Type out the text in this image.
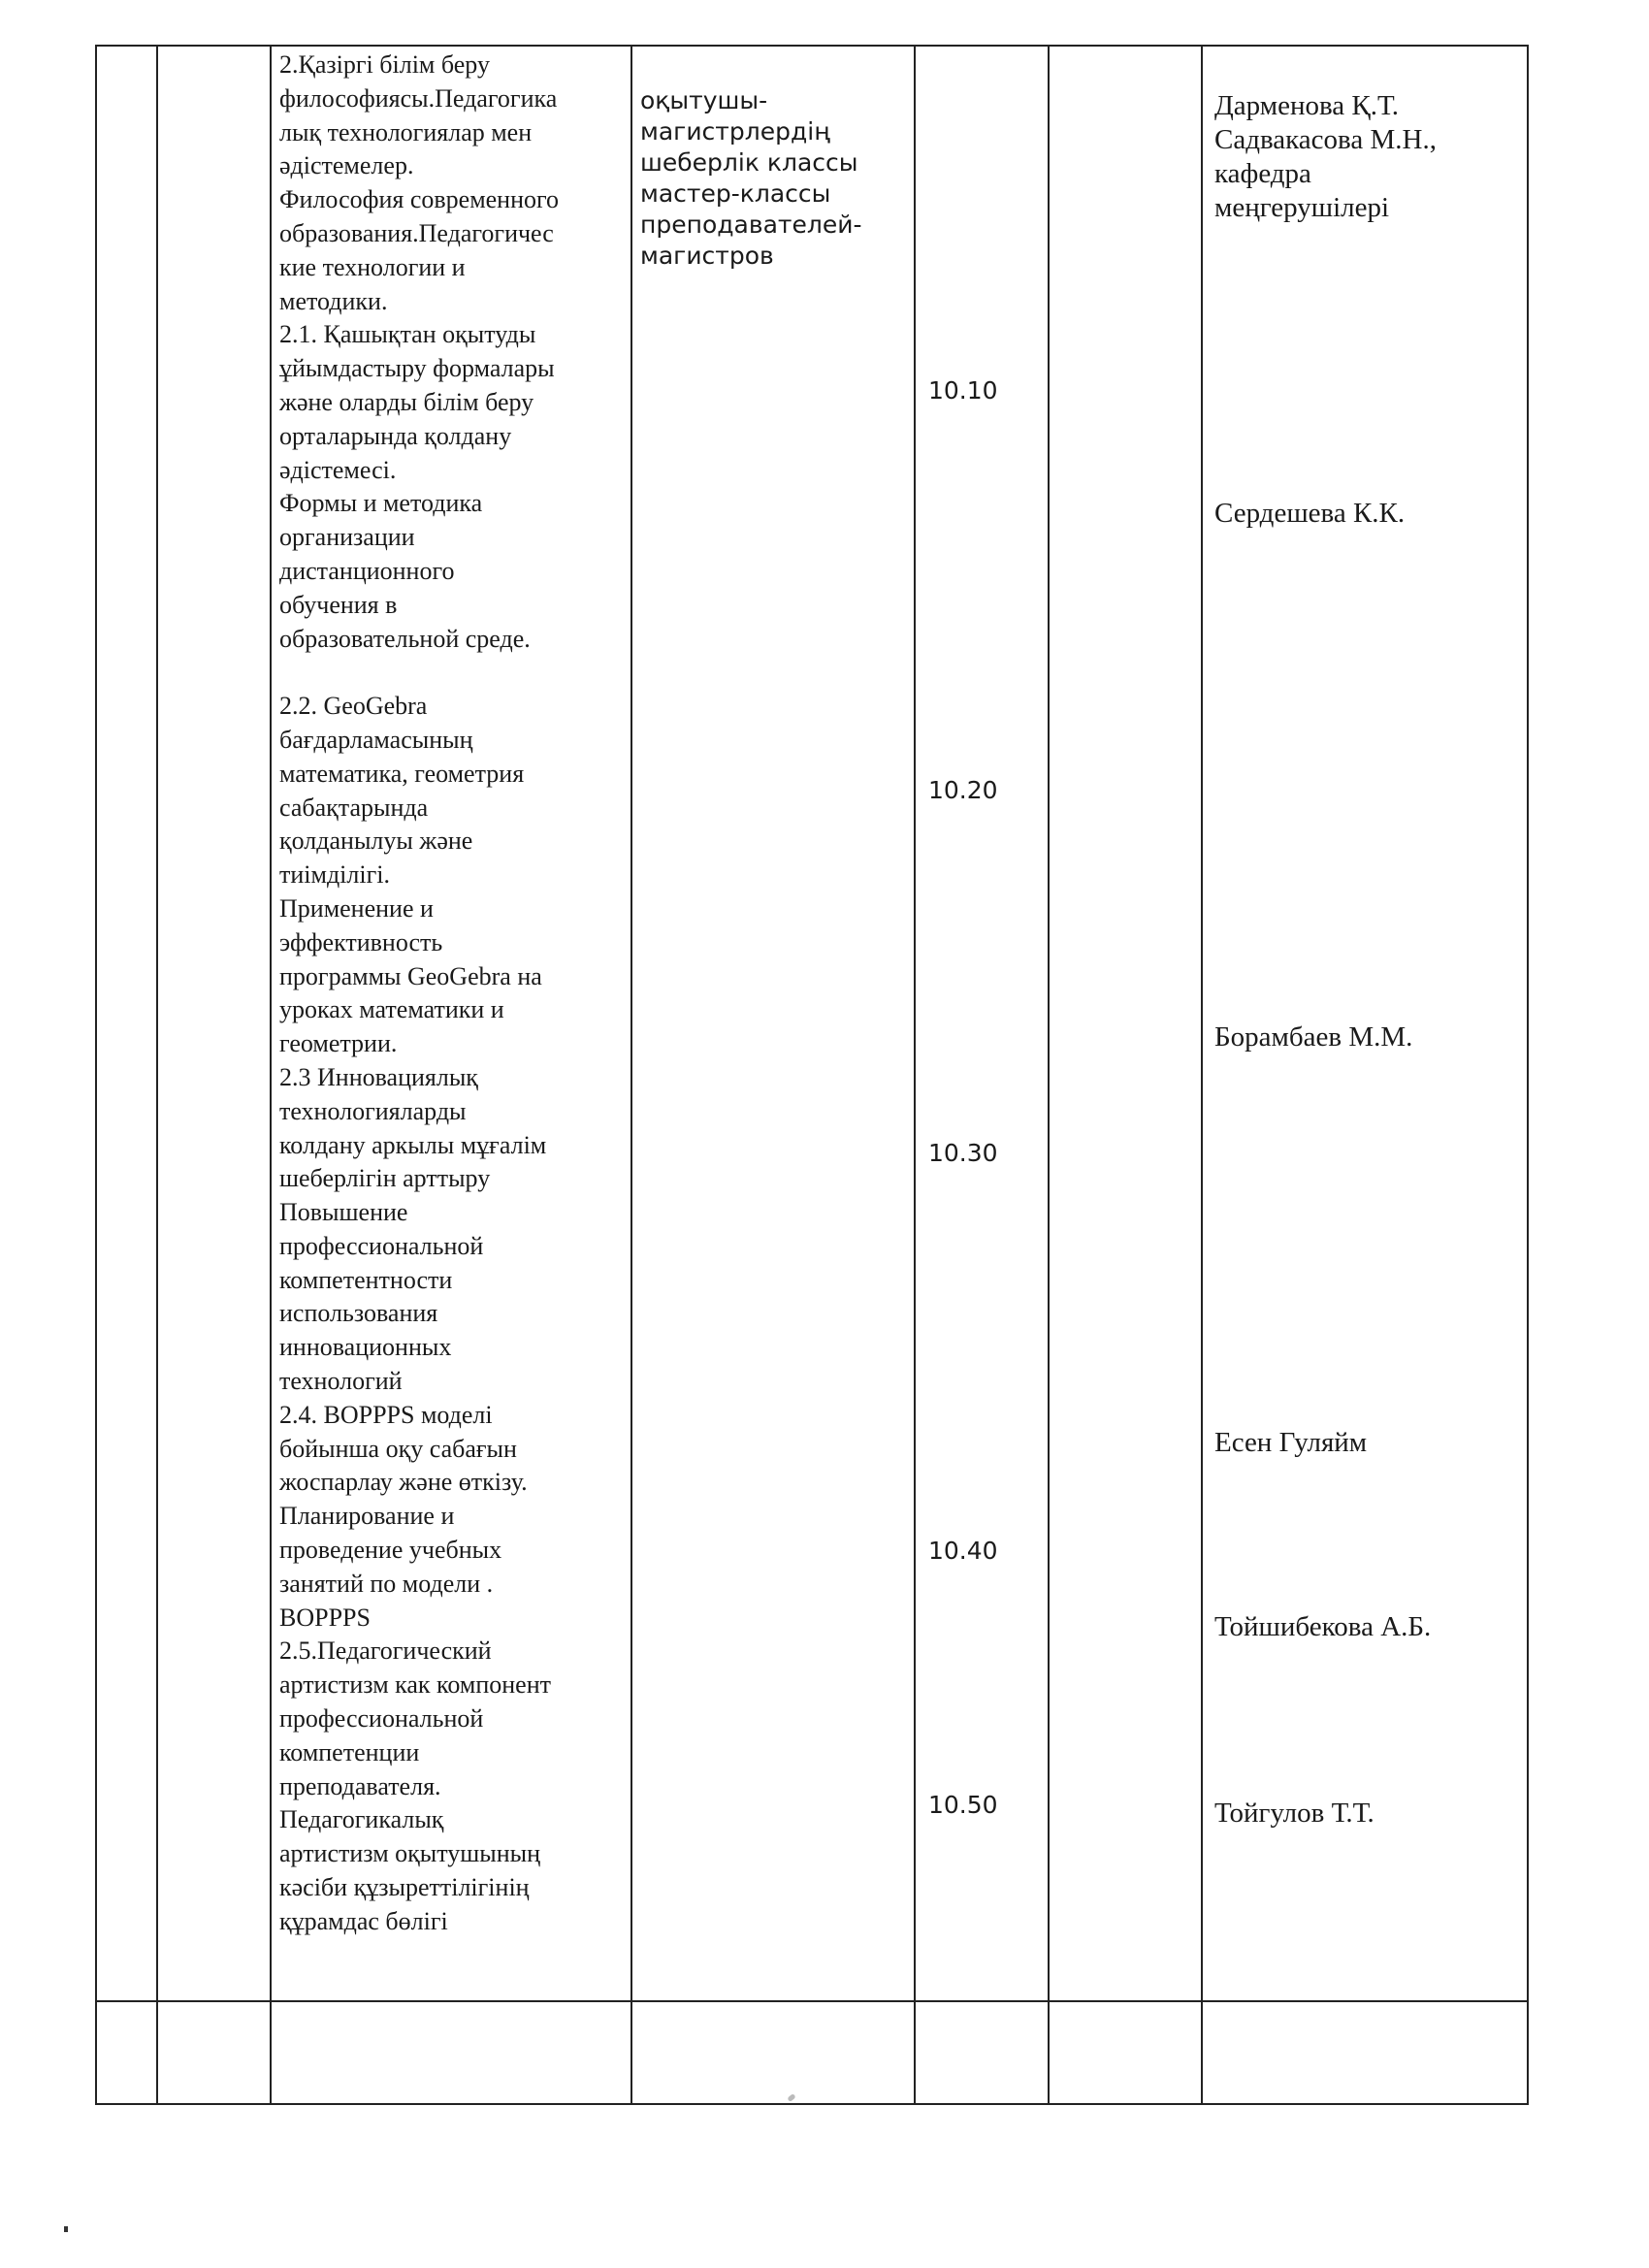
2.Қазіргі білім беру
философиясы.Педагогика
лық технологиялар мен
әдістемелер.
Философия современного
образования.Педагогичес
кие технологии и
методики.
2.1. Қашықтан оқытуды
ұйымдастыру формалары
және оларды білім беру
орталарында қолдану
әдістемесі.
Формы и методика
организации
дистанционного
обучения в
образовательной среде.

2.2. GeoGebra
бағдарламасының
математика, геометрия
сабақтарында
қолданылуы және
тиімділігі.
Применение и
эффективность
программы GeoGebra на
уроках математики и
геометрии.
2.3 Инновациялық
технологияларды
колдану аркылы мұғалім
шеберлігін арттыру
Повышение
профессиональной
компетентности
использования
инновационных
технологий
2.4. BOPPPS моделі
бойынша оқу сабағын
жоспарлау және өткізу.
Планирование и
проведение учебных
занятий по модели .
BOPPPS
2.5.Педагогический
артистизм как компонент
профессиональной
компетенции
преподавателя.
Педагогикалық
артистизм оқытушының
кәсіби құзыреттілігінің
құрамдас бөлігі
оқытушы-
магистрлердің
шеберлік классы
мастер-классы
преподавателей-
магистров
10.10
10.20
10.30
10.40
10.50
Дарменова Қ.Т.
Садвакасова М.Н.,
кафедра
меңгерушілері
Сердешева К.К.
Борамбаев М.М.
Есен Гуляйм
Тойшибекова А.Б.
Тойгулов Т.Т.
